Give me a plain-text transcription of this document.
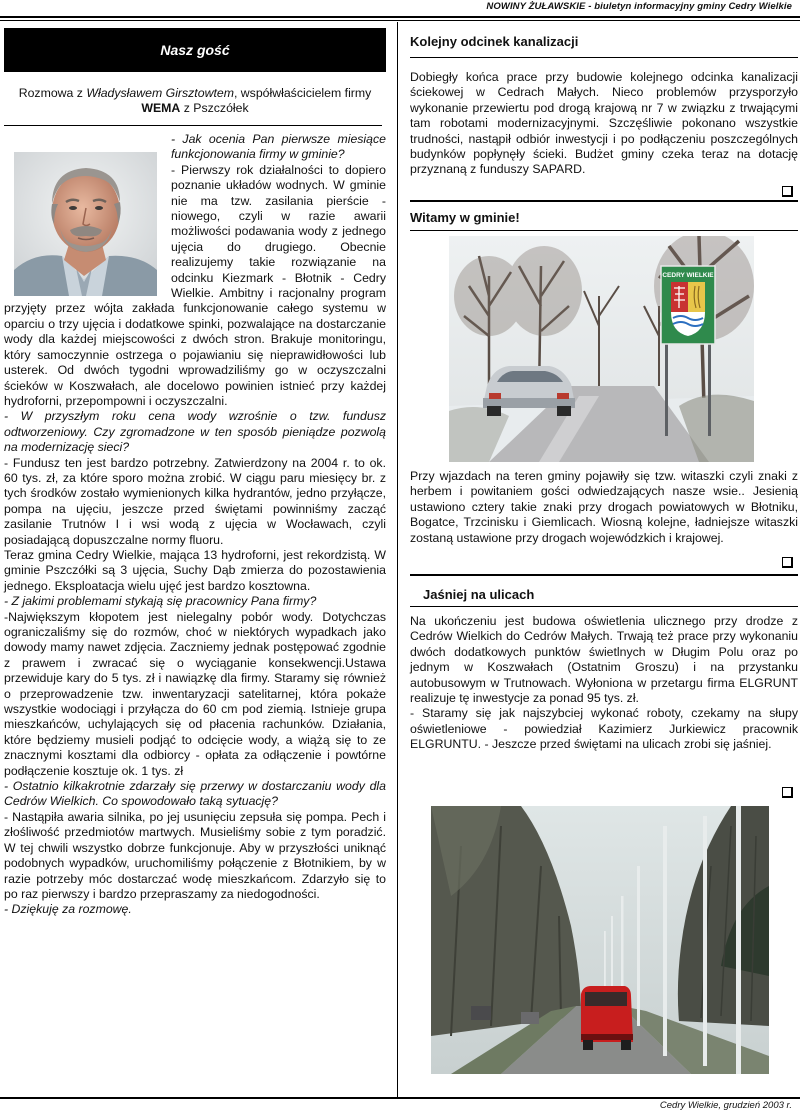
NOWINY ŻUŁAWSKIE - biuletyn informacyjny gminy Cedry Wielkie
Nasz gość
Rozmowa z Władysławem Girsztowtem, współwłaścicielem firmy WEMA z Pszczółek

- Jak ocenia Pan pierwsze miesiące funkcjonowania firmy w gminie?
- Pierwszy rok działalności to dopiero poznanie układów wodnych. W gminie nie ma tzw. zasilania pierście -niowego, czyli w razie awarii możliwości podawania wody z jednego ujęcia do drugiego. Obecnie realizujemy takie rozwiązanie na odcinku Kiezmark - Błotnik - Cedry Wielkie. Ambitny i racjonalny program przyjęty przez wójta zakłada funkcjonowanie całego systemu w oparciu o trzy ujęcia i dodatkowe spinki, pozwalające na dostarczanie wody dla każdej miejscowości z dwóch stron. Brakuje monitoringu, który samoczynnie ostrzega o pojawianiu się nieprawidłowości lub usterek. Od dwóch tygodni wprowadziliśmy go w oczyszczalni ścieków w Koszwałach, ale docelowo powinien istnieć przy każdej hydroforni, przepompowni i oczyszczalni.
- W przyszłym roku cena wody wzrośnie o tzw. fundusz odtworzeniowy. Czy zgromadzone w ten sposób pieniądze pozwolą na modernizację sieci?
- Fundusz ten jest bardzo potrzebny. Zatwierdzony na 2004 r. to ok. 60 tys. zł, za które sporo można zrobić. W ciągu paru miesięcy br. z tych środków zostało wymienionych kilka hydrantów, jedno przyłącze, pompa na ujęciu, jeszcze przed świętami powinniśmy zacząć zasilanie Trutnów I i wsi wodą z ujęcia w Wocławach, czyli posiadającą dopuszczalne normy fluoru.
Teraz gmina Cedry Wielkie, mająca 13 hydroforni, jest rekordzistą. W gminie Pszczółki są 3 ujęcia, Suchy Dąb zmierza do pozostawienia jednego. Eksploatacja wielu ujęć jest bardzo kosztowna.
- Z jakimi problemami stykają się pracownicy Pana firmy?
-Największym kłopotem jest nielegalny pobór wody. Dotychczas ograniczaliśmy się do rozmów, choć w niektórych wypadkach jako dowody mamy nawet zdjęcia. Zaczniemy jednak postępować zgodnie z prawem i zwracać się o wyciąganie konsekwencji.Ustawa przewiduje kary do 5 tys. zł i nawiązkę dla firmy. Staramy się również o przeprowadzenie tzw. inwentaryzacji satelitarnej, która pokaże wszystkie wodociągi i przyłącza do 60 cm pod ziemią. Istnieje grupa mieszkańców, uchylających się od płacenia rachunków. Działania, które będziemy musieli podjąć to odcięcie wody, a wiążą się to ze znacznymi kosztami dla odbiorcy - opłata za odłączenie i powtórne podłączenie kosztuje ok. 1 tys. zł
- Ostatnio kilkakrotnie zdarzały się przerwy w dostarczaniu wody dla Cedrów Wielkich. Co spowodowało taką sytuację?
- Nastąpiła awaria silnika, po jej usunięciu zepsuła się pompa. Pech i złośliwość przedmiotów martwych. Musieliśmy sobie z tym poradzić. W tej chwili wszystko dobrze funkcjonuje. Aby w przyszłości uniknąć podobnych wypadków, uruchomiliśmy połączenie z Błotnikiem, by w razie potrzeby móc dostarczać wodę mieszkańcom. Zdarzyło się to po raz pierwszy i bardzo przepraszamy za niedogodności.
- Dziękuję za rozmowę.

Kolejny odcinek kanalizacji
Dobiegły końca prace przy budowie kolejnego odcinka kanalizacji ściekowej w Cedrach Małych. Nieco problemów przysporzyło wykonanie przewiertu pod drogą krajową nr 7 w związku z trwającymi tam robotami modernizacyjnymi. Szczęśliwie pokonano wszystkie trudności, nastąpił odbiór inwestycji i po podłączeniu poszczególnych budynków popłynęły ścieki. Budżet gminy czeka teraz na dotację przyznaną z funduszy SAPARD.
Witamy w gminie!
CEDRY WIELKIE
Przy wjazdach na teren gminy pojawiły się tzw. witaszki czyli znaki z herbem i powitaniem gości odwiedzających nasze wsie.. Jesienią ustawiono cztery takie znaki przy drogach powiatowych w Błotniku, Bogatce, Trzcinisku i Giemlicach. Wiosną kolejne, ładniejsze witaszki zostaną ustawione przy drogach wojewódzkich i krajowej.
Jaśniej na ulicach
Na ukończeniu jest budowa oświetlenia ulicznego przy drodze z Cedrów Wielkich do Cedrów Małych. Trwają też prace przy wykonaniu dwóch dodatkowych punktów świetlnych w Długim Polu oraz po jednym w Koszwałach (Ostatnim Groszu) i na przystanku autobusowym w Trutnowach. Wyłoniona w przetargu firma ELGRUNT realizuje tę inwestycje za ponad 95 tys. zł.
- Staramy się jak najszybciej wykonać roboty, czekamy na słupy oświetleniowe - powiedział Kazimierz Jurkiewicz pracownik ELGRUNTU. - Jeszcze przed świętami na ulicach zrobi się jaśniej.
Cedry Wielkie, grudzień 2003 r.
